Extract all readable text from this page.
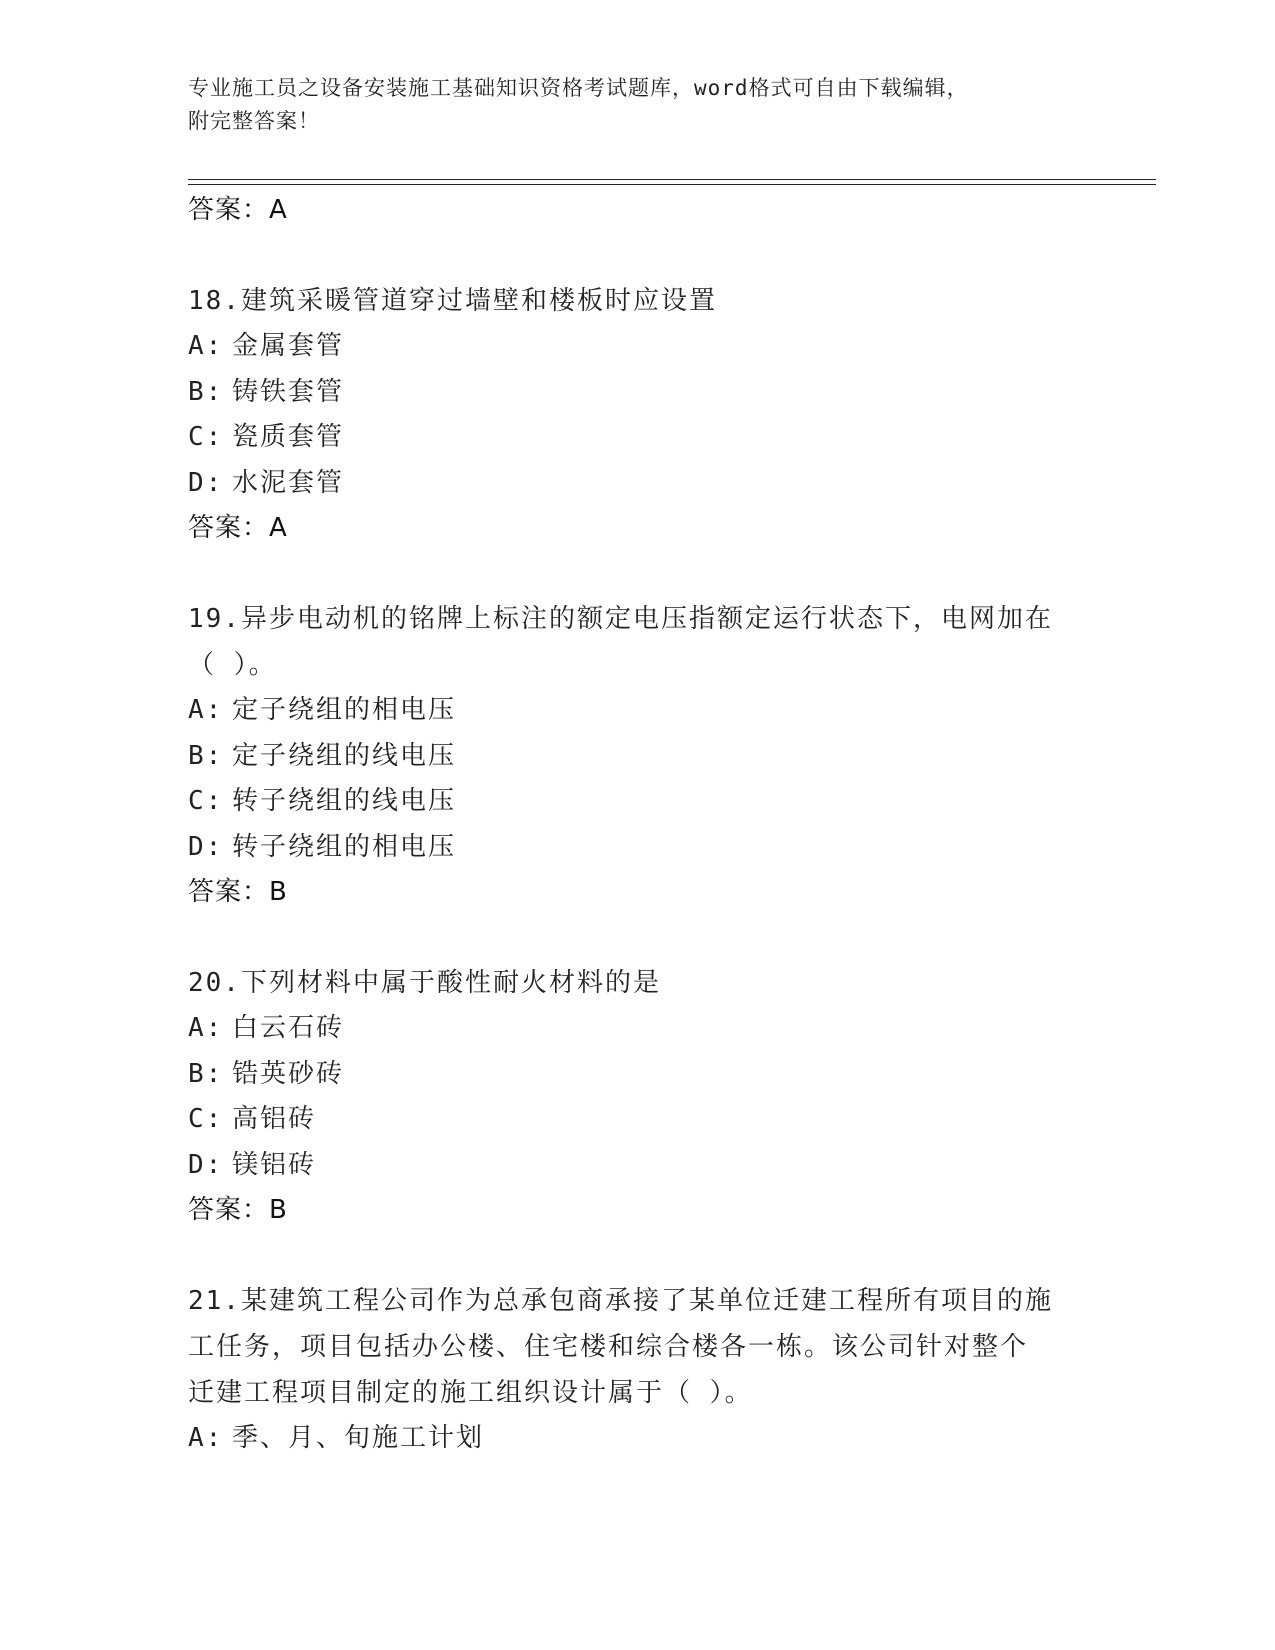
专业施工员之设备安装施工基础知识资格考试题库，word格式可自由下载编辑，
附完整答案！
答案：A

18.建筑采暖管道穿过墙壁和楼板时应设置

A: 金属套管
B: 铸铁套管
C: 瓷质套管
D: 水泥套管
答案：A

19.异步电动机的铭牌上标注的额定电压指额定运行状态下，电网加在
（ ）。

A: 定子绕组的相电压
B: 定子绕组的线电压
C: 转子绕组的线电压
D: 转子绕组的相电压
答案：B

20.下列材料中属于酸性耐火材料的是

A: 白云石砖
B: 锆英砂砖
C: 高铝砖
D: 镁铝砖
答案：B

21.某建筑工程公司作为总承包商承接了某单位迁建工程所有项目的施
工任务，项目包括办公楼、住宅楼和综合楼各一栋。该公司针对整个
迁建工程项目制定的施工组织设计属于（ ）。

A: 季、月、旬施工计划
